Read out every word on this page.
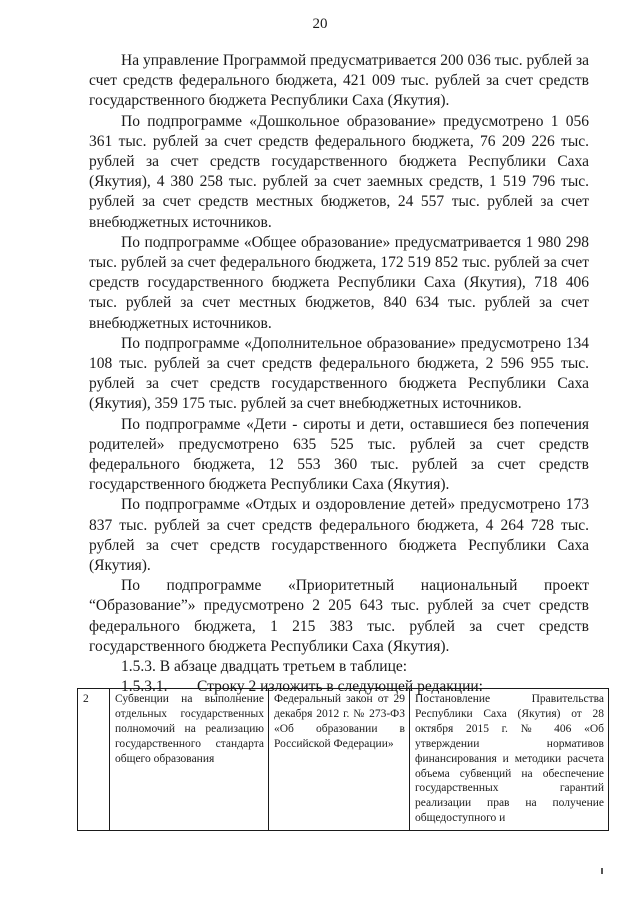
20

На управление Программой предусматривается 200 036 тыс. рублей за счет средств федерального бюджета, 421 009 тыс. рублей за счет средств государственного бюджета Республики Саха (Якутия).

По подпрограмме «Дошкольное образование» предусмотрено 1 056 361 тыс. рублей за счет средств федерального бюджета, 76 209 226 тыс. рублей за счет средств государственного бюджета Республики Саха (Якутия), 4 380 258 тыс. рублей за счет заемных средств, 1 519 796 тыс. рублей за счет средств местных бюджетов, 24 557 тыс. рублей за счет внебюджетных источников.

По подпрограмме «Общее образование» предусматривается 1 980 298 тыс. рублей за счет федерального бюджета, 172 519 852 тыс. рублей за счет средств государственного бюджета Республики Саха (Якутия), 718 406 тыс. рублей за счет местных бюджетов, 840 634 тыс. рублей за счет внебюджетных источников.

По подпрограмме «Дополнительное образование» предусмотрено 134 108 тыс. рублей за счет средств федерального бюджета, 2 596 955 тыс. рублей за счет средств государственного бюджета Республики Саха (Якутия), 359 175 тыс. рублей за счет внебюджетных источников.

По подпрограмме «Дети - сироты и дети, оставшиеся без попечения родителей» предусмотрено 635 525 тыс. рублей за счет средств федерального бюджета, 12 553 360 тыс. рублей за счет средств государственного бюджета Республики Саха (Якутия).

По подпрограмме «Отдых и оздоровление детей» предусмотрено 173 837 тыс. рублей за счет средств федерального бюджета, 4 264 728 тыс. рублей за счет средств государственного бюджета Республики Саха (Якутия).

По подпрограмме «Приоритетный национальный проект “Образование”» предусмотрено 2 205 643 тыс. рублей за счет средств федерального бюджета, 1 215 383 тыс. рублей за счет средств государственного бюджета Республики Саха (Якутия).

1.5.3. В абзаце двадцать третьем в таблице:
1.5.3.1. Строку 2 изложить в следующей редакции:
2	Субвенции на выполнение отдельных государственных полномочий на реализацию государственного стандарта общего образования	Федеральный закон от 29 декабря 2012 г. № 273-ФЗ «Об образовании в Российской Федерации»	Постановление Правительства Республики Саха (Якутия) от 28 октября 2015 г. № 406 «Об утверждении нормативов финансирования и методики расчета объема субвенций на обеспечение государственных гарантий реализации прав на получение общедоступного и
